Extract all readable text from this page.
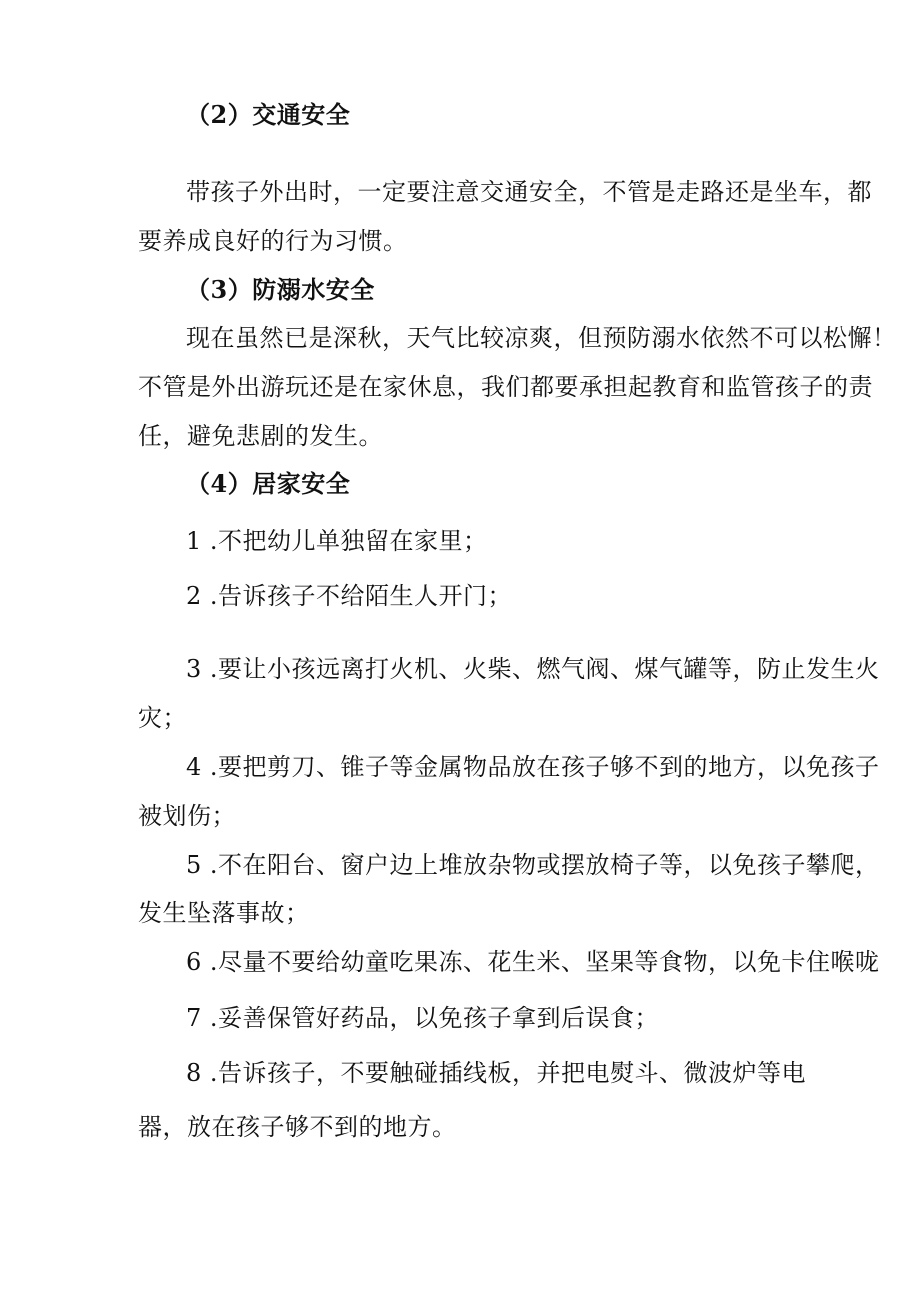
（2）交通安全
带孩子外出时，一定要注意交通安全，不管是走路还是坐车，都
要养成良好的行为习惯。
（3）防溺水安全
现在虽然已是深秋，天气比较凉爽，但预防溺水依然不可以松懈！
不管是外出游玩还是在家休息，我们都要承担起教育和监管孩子的责
任，避免悲剧的发生。
（4）居家安全
1 .不把幼儿单独留在家里；
2 .告诉孩子不给陌生人开门；
3 .要让小孩远离打火机、火柴、燃气阀、煤气罐等，防止发生火
灾；
4 .要把剪刀、锥子等金属物品放在孩子够不到的地方，以免孩子
被划伤；
5 .不在阳台、窗户边上堆放杂物或摆放椅子等，以免孩子攀爬，
发生坠落事故；
6 .尽量不要给幼童吃果冻、花生米、坚果等食物，以免卡住喉咙
7 .妥善保管好药品，以免孩子拿到后误食；
8 .告诉孩子，不要触碰插线板，并把电熨斗、微波炉等电
器，放在孩子够不到的地方。
